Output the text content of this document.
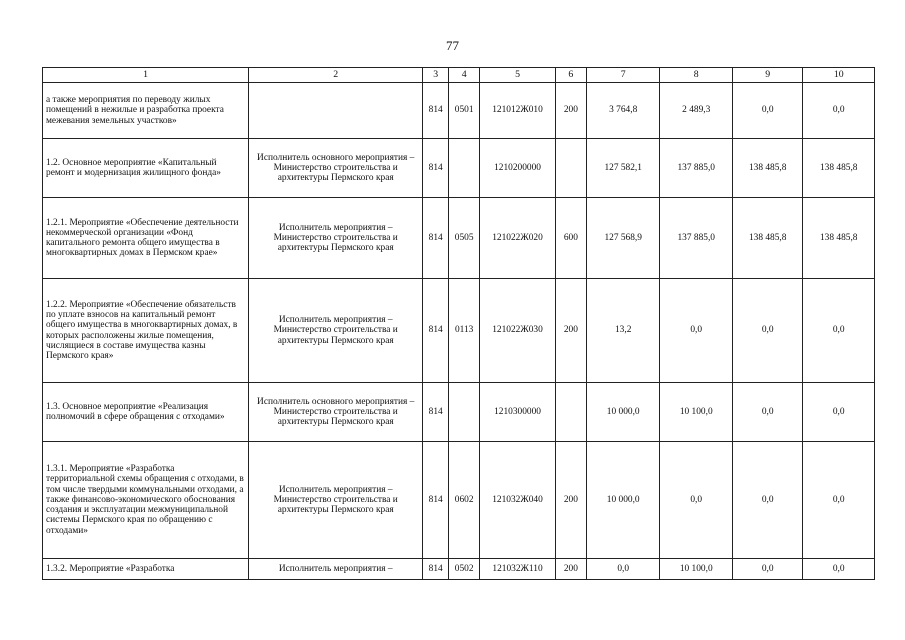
77
1	2	3	4	5	6	7	8	9	10
а также мероприятия по переводу жилых помещений в нежилые и разработка проекта межевания земельных участков»		814	0501	121012Ж010	200	3 764,8	2 489,3	0,0	0,0
1.2. Основное мероприятие «Капитальный ремонт и модернизация жилищного фонда»	Исполнитель основного мероприятия – Министерство строительства и архитектуры Пермского края	814		1210200000		127 582,1	137 885,0	138 485,8	138 485,8
1.2.1. Мероприятие «Обеспечение деятельности некоммерческой организации «Фонд капитального ремонта общего имущества в многоквартирных домах в Пермском крае»	Исполнитель мероприятия – Министерство строительства и архитектуры Пермского края	814	0505	121022Ж020	600	127 568,9	137 885,0	138 485,8	138 485,8
1.2.2. Мероприятие «Обеспечение обязательств по уплате взносов на капитальный ремонт общего имущества в многоквартирных домах, в которых расположены жилые помещения, числящиеся в составе имущества казны Пермского края»	Исполнитель мероприятия – Министерство строительства и архитектуры Пермского края	814	0113	121022Ж030	200	13,2	0,0	0,0	0,0
1.3. Основное мероприятие «Реализация полномочий в сфере обращения с отходами»	Исполнитель основного мероприятия – Министерство строительства и архитектуры Пермского края	814		1210300000		10 000,0	10 100,0	0,0	0,0
1.3.1. Мероприятие «Разработка территориальной схемы обращения с отходами, в том числе твердыми коммунальными отходами, а также финансово-экономического обоснования создания и эксплуатации межмуниципальной системы Пермского края по обращению с отходами»	Исполнитель мероприятия – Министерство строительства и архитектуры Пермского края	814	0602	121032Ж040	200	10 000,0	0,0	0,0	0,0
1.3.2. Мероприятие «Разработка	Исполнитель мероприятия –	814	0502	121032Ж110	200	0,0	10 100,0	0,0	0,0
